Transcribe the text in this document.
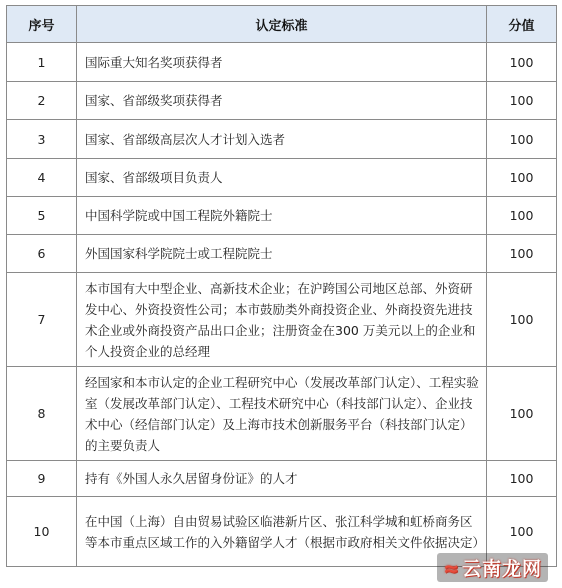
序号	认定标准	分值
1	国际重大知名奖项获得者	100
2	国家、省部级奖项获得者	100
3	国家、省部级高层次人才计划入选者	100
4	国家、省部级项目负责人	100
5	中国科学院或中国工程院外籍院士	100
6	外国国家科学院院士或工程院院士	100
7	本市国有大中型企业、高新技术企业；在沪跨国公司地区总部、外资研发中心、外资投资性公司；本市鼓励类外商投资企业、外商投资先进技术企业或外商投资产品出口企业；注册资金在300 万美元以上的企业和个人投资企业的总经理	100
8	经国家和本市认定的企业工程研究中心（发展改革部门认定）、工程实验室（发展改革部门认定）、工程技术研究中心（科技部门认定）、企业技术中心（经信部门认定）及上海市技术创新服务平台（科技部门认定）的主要负责人	100
9	持有《外国人永久居留身份证》的人才	100
10	在中国（上海）自由贸易试验区临港新片区、张江科学城和虹桥商务区等本市重点区域工作的入外籍留学人才（根据市政府相关文件依据决定）	100
≈ 云南龙网
